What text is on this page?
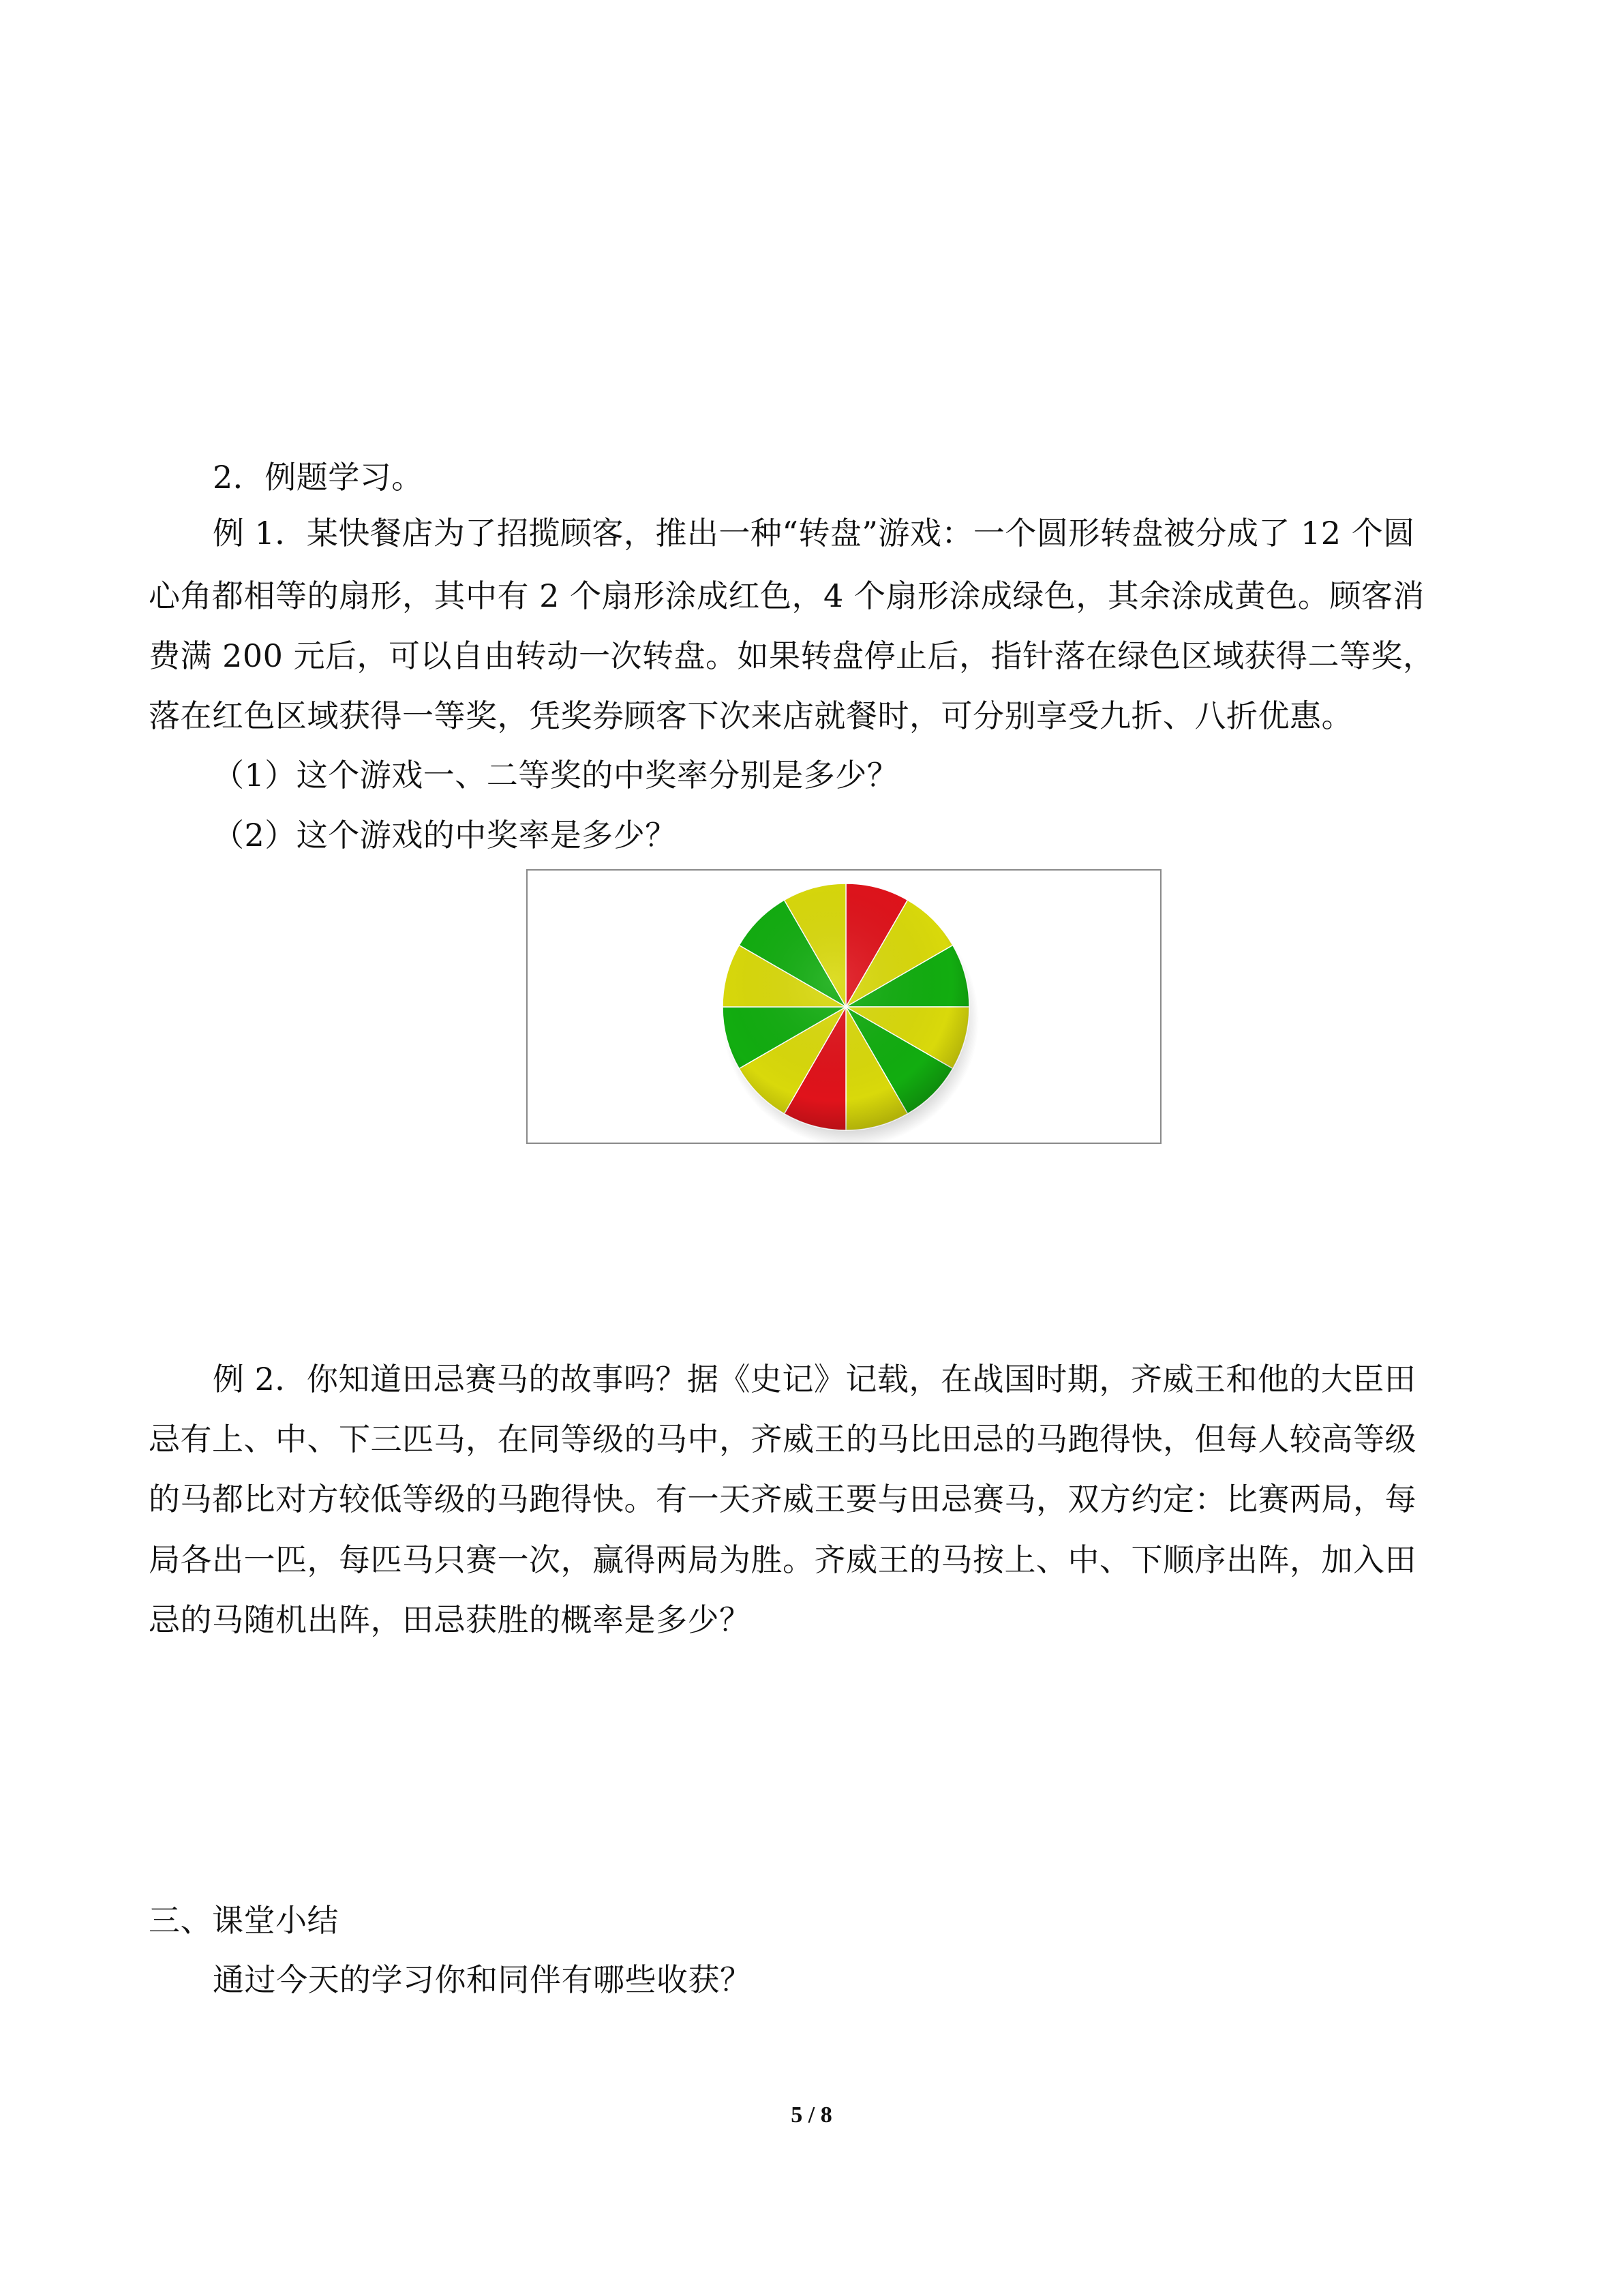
2．例题学习。
例 1．某快餐店为了招揽顾客，推出一种“转盘”游戏：一个圆形转盘被分成了 12 个圆
心角都相等的扇形，其中有 2 个扇形涂成红色，4 个扇形涂成绿色，其余涂成黄色。顾客消
费满 200 元后，可以自由转动一次转盘。如果转盘停止后，指针落在绿色区域获得二等奖，
落在红色区域获得一等奖，凭奖券顾客下次来店就餐时，可分别享受九折、八折优惠。
（1）这个游戏一、二等奖的中奖率分别是多少？
（2）这个游戏的中奖率是多少？
例 2．你知道田忌赛马的故事吗？据《史记》记载，在战国时期，齐威王和他的大臣田
忌有上、中、下三匹马，在同等级的马中，齐威王的马比田忌的马跑得快，但每人较高等级
的马都比对方较低等级的马跑得快。有一天齐威王要与田忌赛马，双方约定：比赛两局，每
局各出一匹，每匹马只赛一次，赢得两局为胜。齐威王的马按上、中、下顺序出阵，加入田
忌的马随机出阵，田忌获胜的概率是多少？
三、课堂小结
通过今天的学习你和同伴有哪些收获？
5 / 8
